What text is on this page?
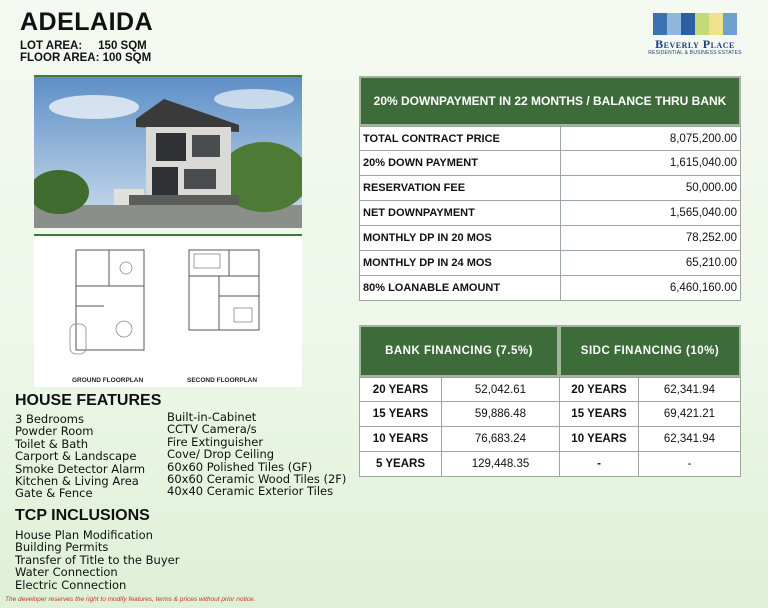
ADELAIDA
LOT AREA:     150 SQM
FLOOR AREA: 100 SQM
Beverly Place
RESIDENTIAL & BUSINESS ESTATES
GROUND FLOORPLAN	SECOND FLOORPLAN
20% DOWNPAYMENT IN 22 MONTHS / BALANCE THRU BANK
TOTAL CONTRACT PRICE	8,075,200.00
20% DOWN PAYMENT	1,615,040.00
RESERVATION FEE	50,000.00
NET DOWNPAYMENT	1,565,040.00
MONTHLY DP IN 20 MOS	78,252.00
MONTHLY DP IN 24 MOS	65,210.00
80% LOANABLE AMOUNT	6,460,160.00
BANK FINANCING (7.5%)	SIDC FINANCING (10%)
20 YEARS	52,042.61	20 YEARS	62,341.94
15 YEARS	59,886.48	15 YEARS	69,421.21
10 YEARS	76,683.24	10 YEARS	62,341.94
5 YEARS	129,448.35	-	-
HOUSE FEATURES
3 Bedrooms
Powder Room
Toilet & Bath
Carport & Landscape
Smoke Detector Alarm
Kitchen & Living Area
Gate & Fence
Built-in-Cabinet
CCTV Camera/s
Fire Extinguisher
Cove/ Drop Ceiling
60x60 Polished Tiles (GF)
60x60 Ceramic Wood Tiles (2F)
40x40 Ceramic Exterior Tiles
TCP INCLUSIONS
House Plan Modification
Building Permits
Transfer of Title to the Buyer
Water Connection
Electric Connection
The developer reserves the right to modify features, terms & prices without prior notice.
